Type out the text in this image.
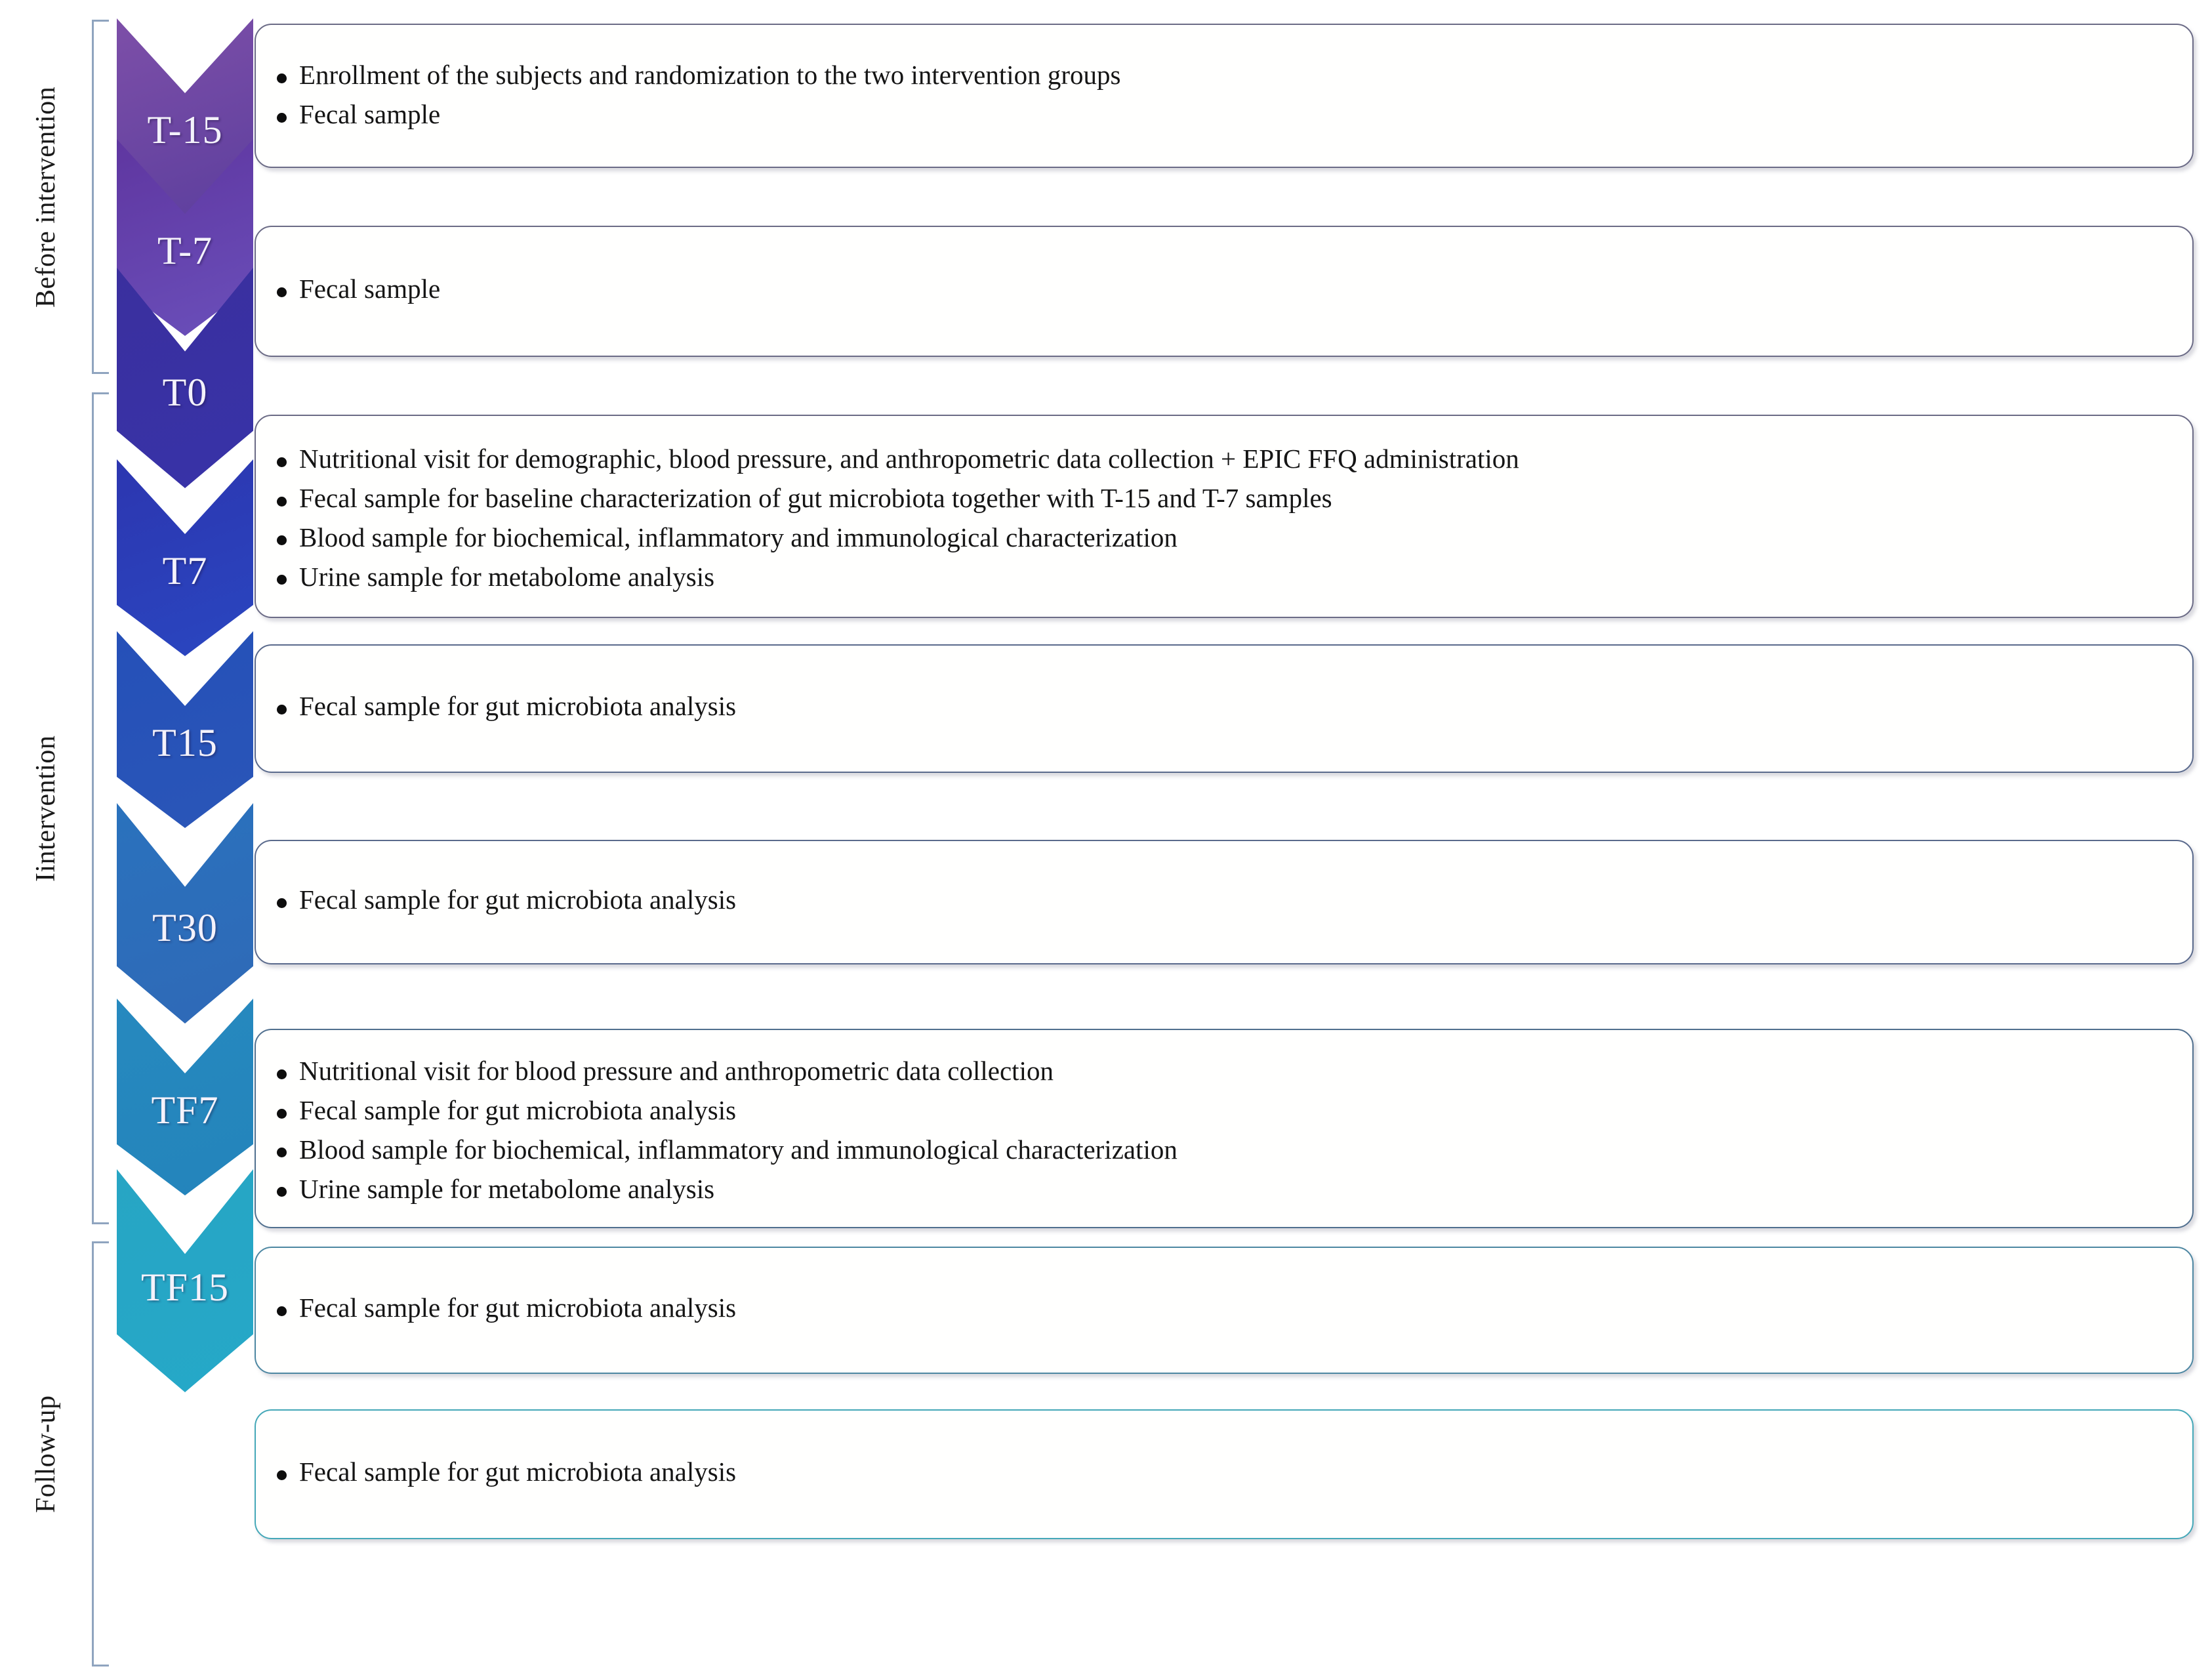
Before intervention
Iintervention
Follow-up
Enrollment of the subjects and randomization to the two intervention groups
Fecal sample
T-15
Fecal sample
T-7
Nutritional visit for demographic, blood pressure, and anthropometric data collection + EPIC FFQ administration
Fecal sample for baseline characterization of gut microbiota together with T-15 and T-7 samples
Blood sample for biochemical, inflammatory and immunological characterization
Urine sample for metabolome analysis
T0
Fecal sample for gut microbiota analysis
T7
Fecal sample for gut microbiota analysis
T15
Nutritional visit for blood pressure and anthropometric data collection
Fecal sample for gut microbiota analysis
Blood sample for biochemical, inflammatory and immunological characterization
Urine sample for metabolome analysis
T30
Fecal sample for gut microbiota analysis
TF7
Fecal sample for gut microbiota analysis
TF15
